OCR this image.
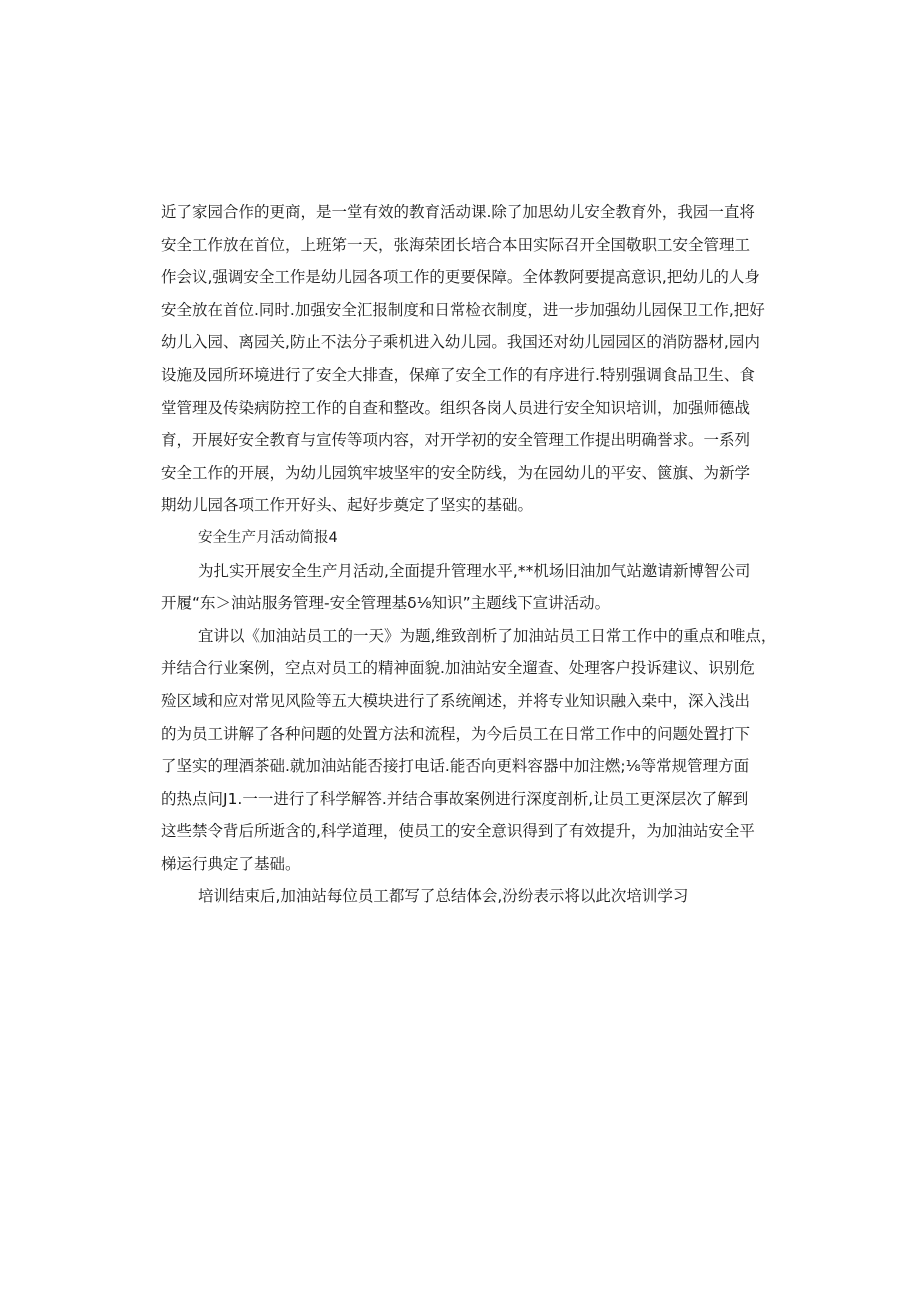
近了家园合作的更商，是一堂有效的教育活动课.除了加思幼儿安全教育外，我园一直将
安全工作放在首位，上班笫一天，张海荣团长培合本田实际召开全国敬职工安全管理工
作会议,强调安全工作是幼儿园各项工作的更要保障。全体教阿要提高意识,把幼儿的人身
安全放在首位.同时.加强安全汇报制度和日常检衣制度，进一步加强幼儿园保卫工作,把好
幼儿入园、离园关,防止不法分子乘机进入幼儿园。我国还对幼儿园园区的消防器材,园内
设施及园所环境进行了安全大排查，保瘅了安全工作的有序进行.特别强调食品卫生、食
堂管理及传染病防控工作的自查和整改。组织各岗人员进行安全知识培训，加强师德战
育，开展好安全教育与宣传等项内容，对开学初的安全管理工作提出明确誉求。一系列
安全工作的开展，为幼儿园筑牢坡坚牢的安全防线，为在园幼儿的平安、篋旗、为新学
期幼儿园各项工作开好头、起好步奠定了坚实的基础。
安全生产月活动简报4
为扎实开展安全生产月活动,全面提升管理水平,**机场旧油加气站邀请新博智公司
开履“东＞油站服务管理-安全管理基δ⅛知识”主题线下宣讲活动。
宜讲以《加油站员工的一天》为题,维致剖析了加油站员工日常工作中的重点和唯点，
并结合行业案例，空点对员工的精神面貌.加油站安全遛查、处理客户投诉建议、识别危
殓区域和应对常见风险等五大模块进行了系统阐述，并将专业知识融入桒中，深入浅出
的为员工讲解了各种问题的处置方法和流程，为今后员工在日常工作中的问题处置打下
了坚实的理酒茶础.就加油站能否接打电话.能否向更料容器中加注燃;⅛等常规管理方面
的热点问J1.一一进行了科学解答.并结合事故案例进行深度剖析,让员工更深层次了解到
这些禁令背后所逝含的,科学道理，使员工的安全意识得到了有效提升，为加油站安全平
梯运行典定了基础。
培训结束后,加油站每位员工都写了总结体会,汾纷表示将以此次培训学习
